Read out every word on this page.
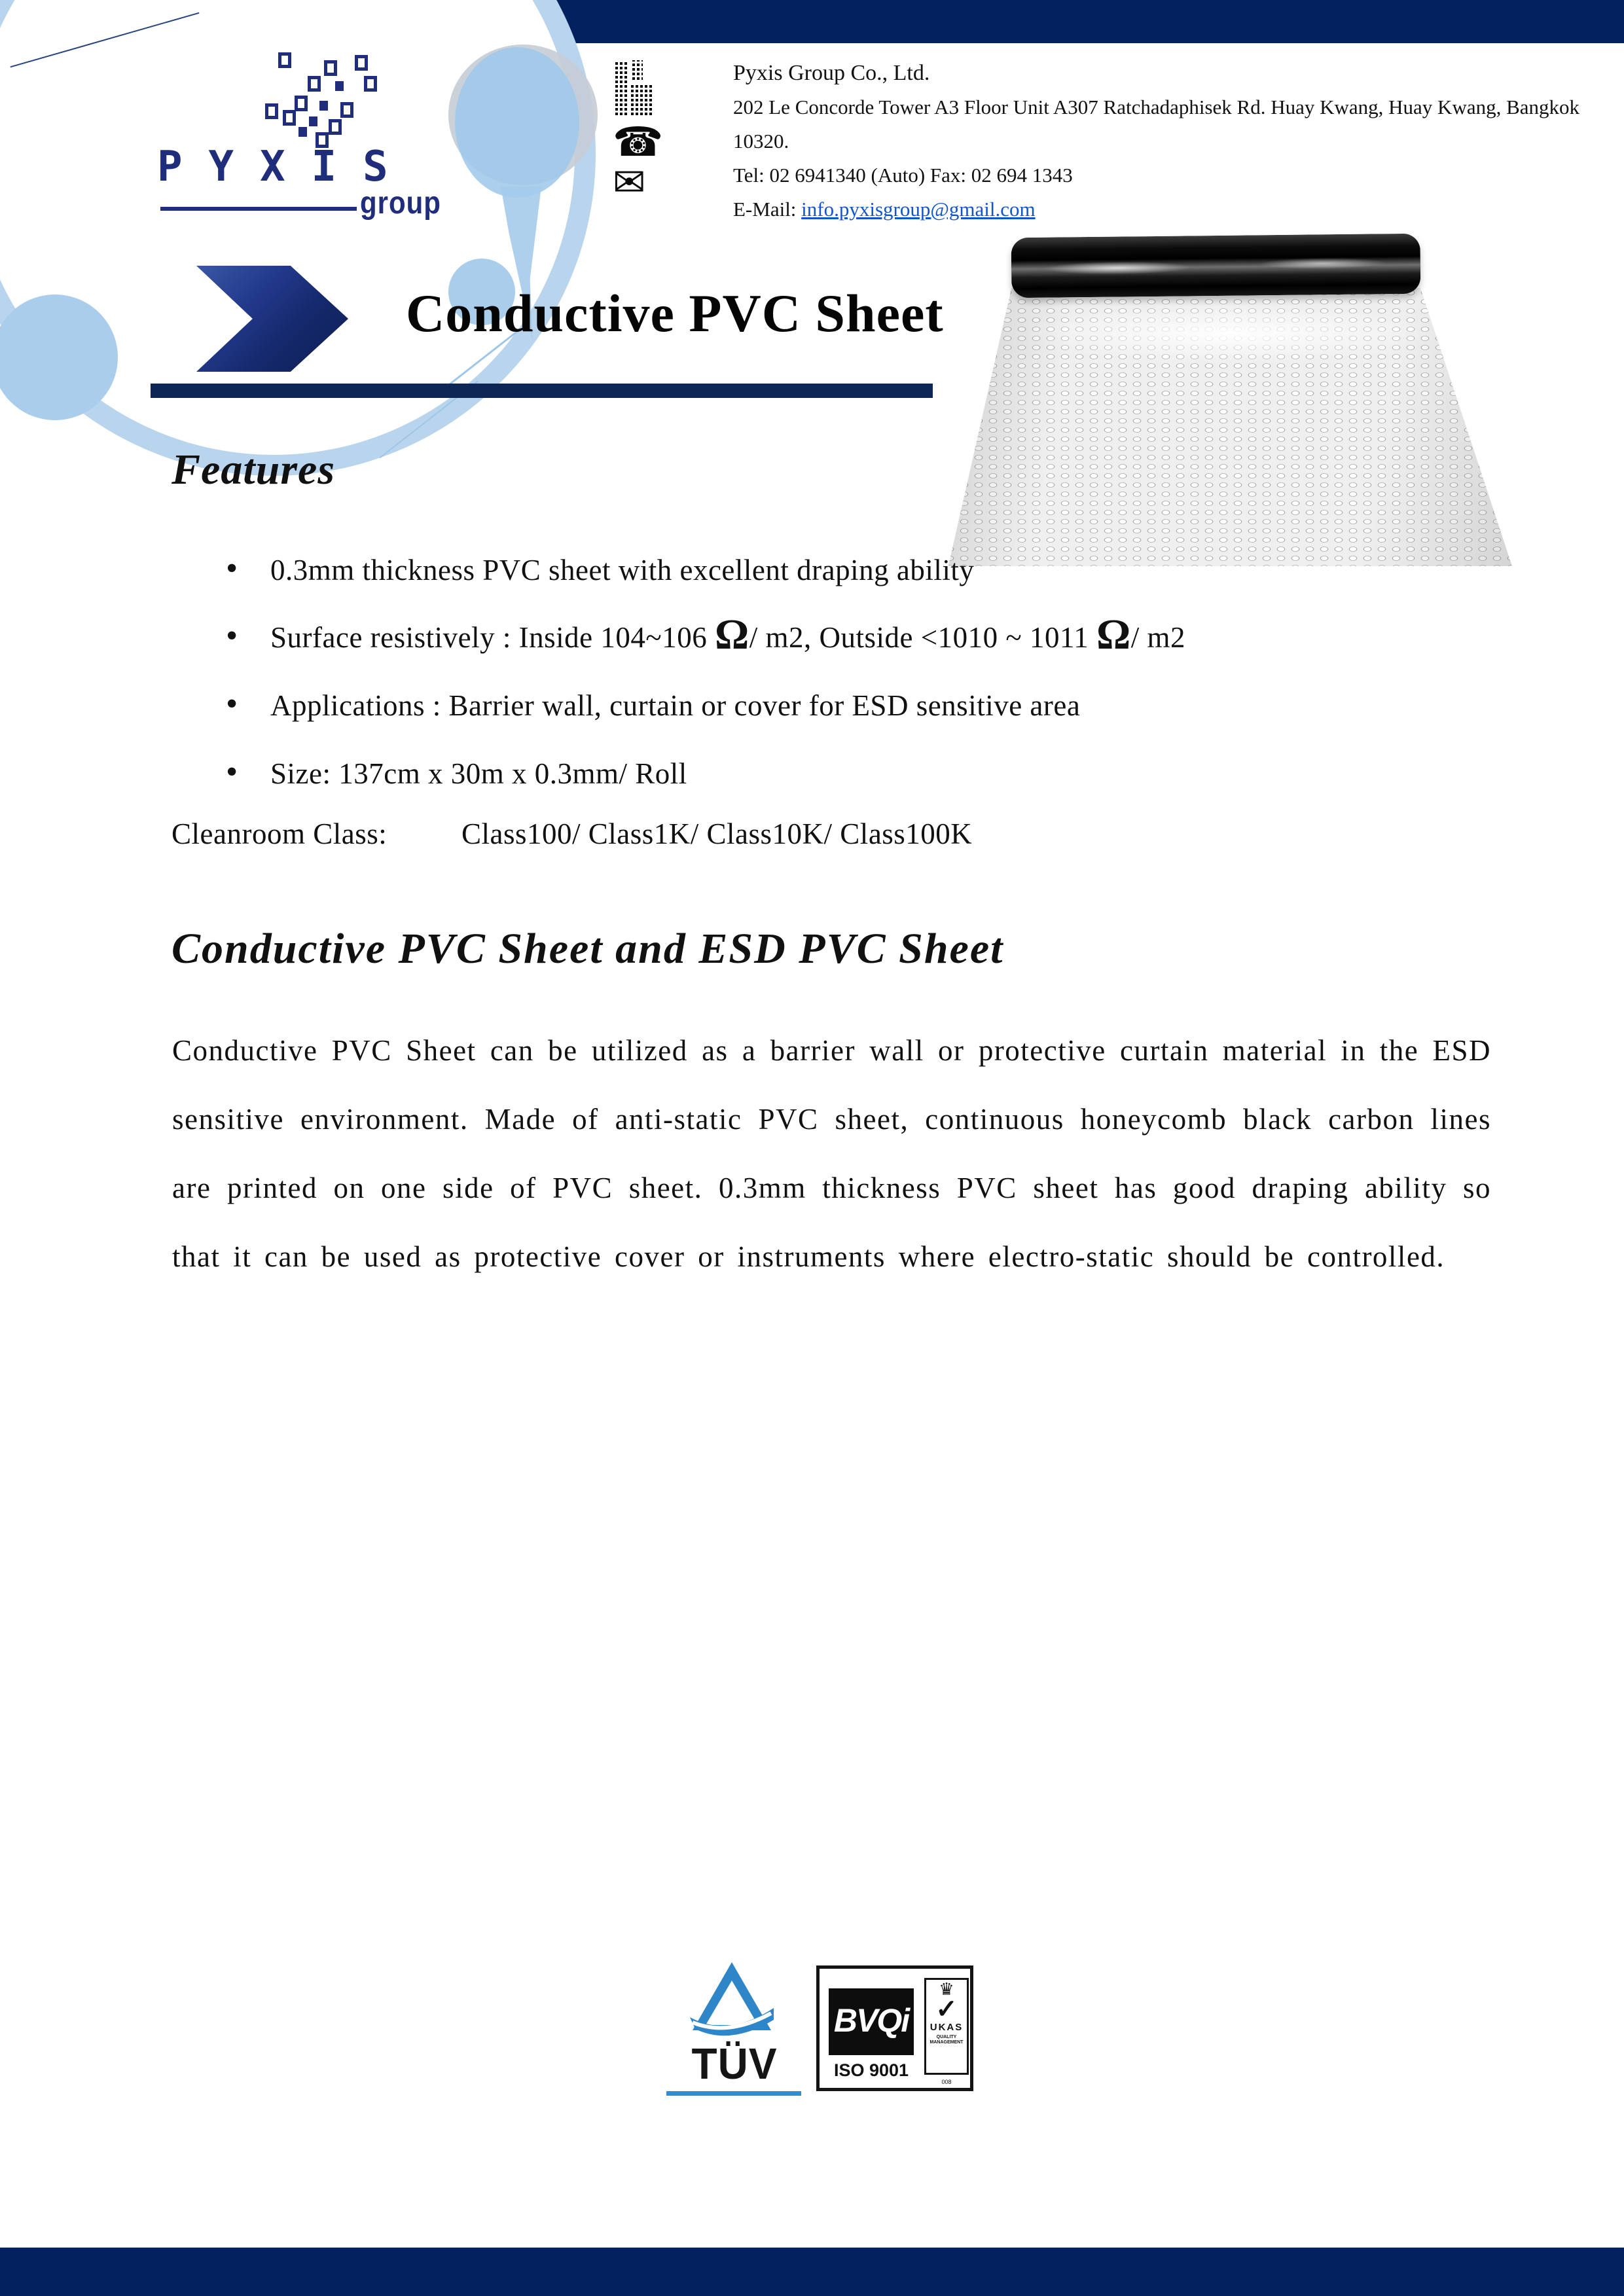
PYXIS
group
☎
✉
Pyxis Group Co., Ltd.
202 Le Concorde Tower A3 Floor Unit A307 Ratchadaphisek Rd. Huay Kwang, Huay Kwang, Bangkok 10320.
Tel: 02 6941340 (Auto) Fax: 02 694 1343
E-Mail: info.pyxisgroup@gmail.com
Conductive PVC Sheet
Features
• 0.3mm thickness PVC sheet with excellent draping ability
• Surface resistively : Inside 104~106 Ω/ m2, Outside <1010 ~ 1011 Ω/ m2
• Applications : Barrier wall, curtain or cover for ESD sensitive area
• Size: 137cm x 30m x 0.3mm/ Roll
Cleanroom Class:	Class100/ Class1K/ Class10K/ Class100K
Conductive PVC Sheet and ESD PVC Sheet
Conductive PVC Sheet can be utilized as a barrier wall or protective curtain material in the ESD sensitive environment. Made of anti-static PVC sheet, continuous honeycomb black carbon lines are printed on one side of PVC sheet. 0.3mm thickness PVC sheet has good draping ability so that it can be used as protective cover or instruments where electro-static should be controlled.
TÜV
BVQi
ISO 9001
♛
✓
UKAS
QUALITY
MANAGEMENT
008
